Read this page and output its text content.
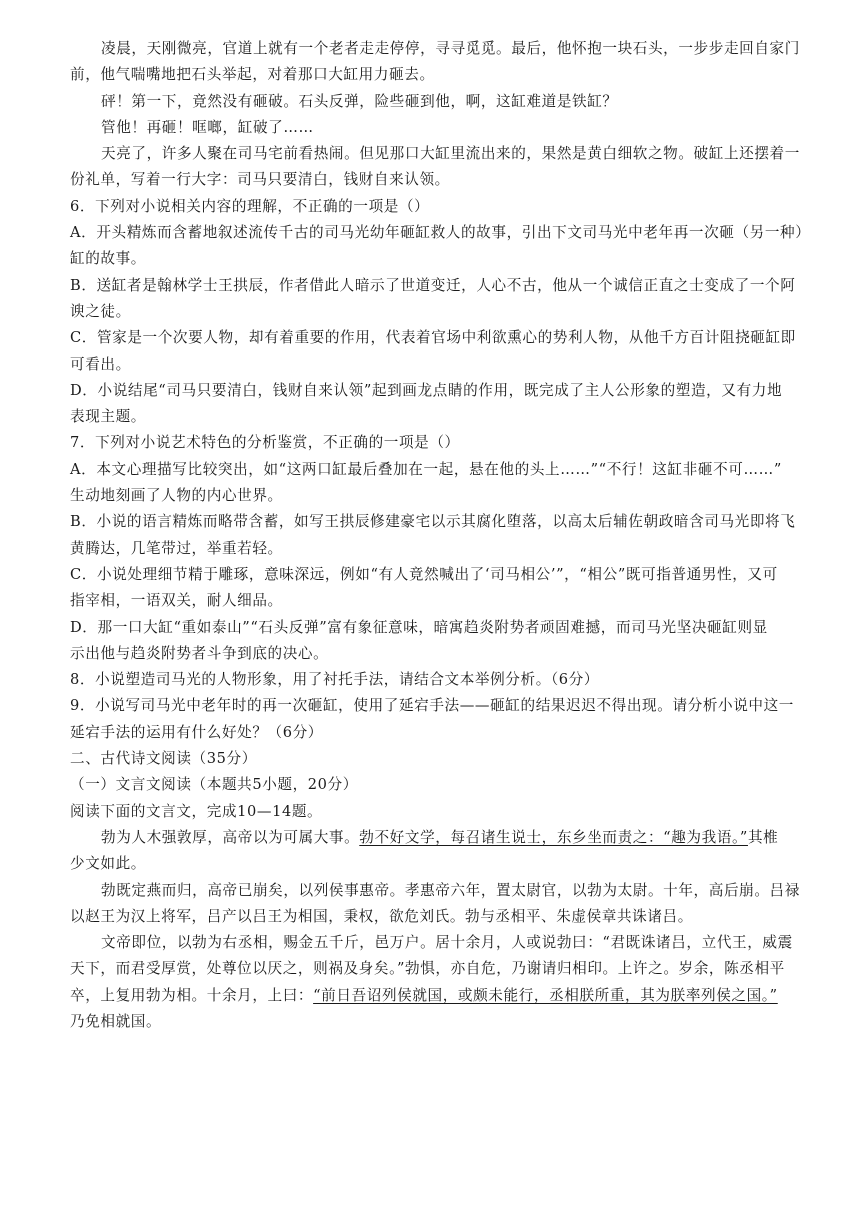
凌晨，天刚微亮，官道上就有一个老者走走停停，寻寻觅觅。最后，他怀抱一块石头，一步步走回自家门

前，他气喘嘴地把石头举起，对着那口大缸用力砸去。

砰！第一下，竟然没有砸破。石头反弹，险些砸到他，啊，这缸难道是铁缸？

管他！再砸！哐啷，缸破了……

天亮了，许多人聚在司马宅前看热闹。但见那口大缸里流出来的，果然是黄白细软之物。破缸上还摆着一

份礼单，写着一行大字：司马只要清白，钱财自来认领。

6．下列对小说相关内容的理解，不正确的一项是（）

A．开头精炼而含蓄地叙述流传千古的司马光幼年砸缸救人的故事，引出下文司马光中老年再一次砸（另一种）

缸的故事。

B．送缸者是翰林学士王拱辰，作者借此人暗示了世道变迁，人心不古，他从一个诚信正直之士变成了一个阿

谀之徒。

C．管家是一个次要人物，却有着重要的作用，代表着官场中利欲熏心的势利人物，从他千方百计阻挠砸缸即

可看出。

D．小说结尾“司马只要清白，钱财自来认领”起到画龙点睛的作用，既完成了主人公形象的塑造，又有力地

表现主题。

7．下列对小说艺术特色的分析鉴赏，不正确的一项是（）

A．本文心理描写比较突出，如“这两口缸最后叠加在一起，悬在他的头上……”“不行！这缸非砸不可……”

生动地刻画了人物的内心世界。

B．小说的语言精炼而略带含蓄，如写王拱辰修建豪宅以示其腐化堕落，以高太后辅佐朝政暗含司马光即将飞

黄腾达，几笔带过，举重若轻。

C．小说处理细节精于雕琢，意味深远，例如“有人竟然喊出了‘司马相公’”，“相公”既可指普通男性，又可

指宰相，一语双关，耐人细品。

D．那一口大缸“重如泰山”“石头反弹”富有象征意味，暗寓趋炎附势者顽固难撼，而司马光坚决砸缸则显

示出他与趋炎附势者斗争到底的决心。

8．小说塑造司马光的人物形象，用了衬托手法，请结合文本举例分析。（6分）

9．小说写司马光中老年时的再一次砸缸，使用了延宕手法——砸缸的结果迟迟不得出现。请分析小说中这一

延宕手法的运用有什么好处？（6分）

二、古代诗文阅读（35分）

（一）文言文阅读（本题共5小题，20分）

阅读下面的文言文，完成10—14题。

勃为人木强敦厚，高帝以为可属大事。勃不好文学，每召诸生说士，东乡坐而责之：“趣为我语。”其椎

少文如此。

勃既定燕而归，高帝已崩矣，以列侯事惠帝。孝惠帝六年，置太尉官，以勃为太尉。十年，高后崩。吕禄

以赵王为汉上将军，吕产以吕王为相国，秉权，欲危刘氏。勃与丞相平、朱虚侯章共诛诸吕。

文帝即位，以勃为右丞相，赐金五千斤，邑万户。居十余月，人或说勃曰：“君既诛诸吕，立代王，威震

天下，而君受厚赏，处尊位以厌之，则祸及身矣。”勃惧，亦自危，乃谢请归相印。上许之。岁余，陈丞相平

卒，上复用勃为相。十余月，上曰：“前日吾诏列侯就国，或颇未能行，丞相朕所重，其为朕率列侯之国。”

乃免相就国。
